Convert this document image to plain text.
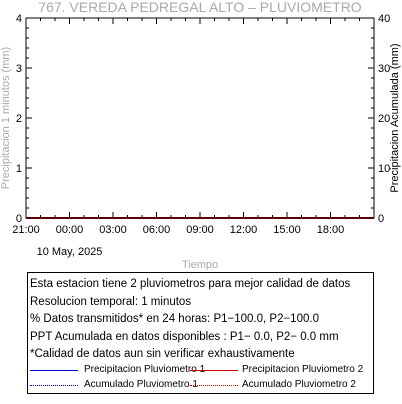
767. VEREDA PEDREGAL ALTO – PLUVIOMETRO
Precipitacion 1 minutos (mm)	Precipitacion Acumulada (mm)
Tiempo
0
1
2
3
4
0
10
20
30
40
21:00 00:00 03:00 06:00 09:00 12:00 15:00 18:00
10 May, 2025
Esta estacion tiene 2 pluviometros para mejor calidad de datos
Resolucion temporal: 1 minutos
% Datos transmitidos* en 24 horas: P1−100.0, P2−100.0
PPT Acumulada en datos disponibles : P1− 0.0, P2− 0.0 mm
*Calidad de datos aun sin verificar exhaustivamente
Precipitacion Pluviometro 1	Precipitacion Pluviometro 2
Acumulado Pluviometro 1	Acumulado Pluviometro 2
